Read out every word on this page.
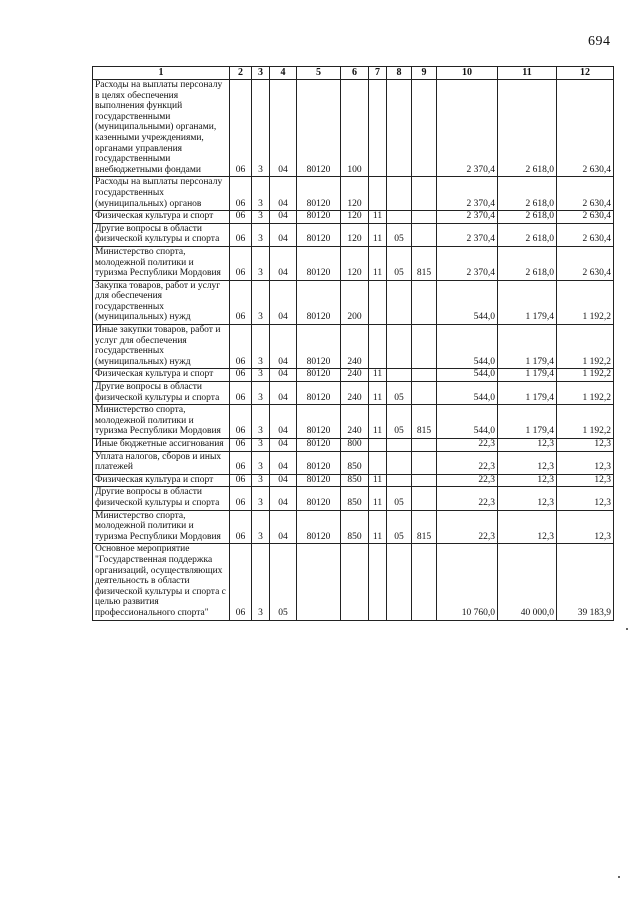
694
1	2	3	4	5	6	7	8	9	10	11	12
Расходы на выплаты персоналу в целях обеспечения выполнения функций государственными (муниципальными) органами, казенными учреждениями, органами управления государственными внебюджетными фондами	06	3	04	80120	100				2 370,4	2 618,0	2 630,4
Расходы на выплаты персоналу государственных (муниципальных) органов	06	3	04	80120	120				2 370,4	2 618,0	2 630,4
Физическая культура и спорт	06	3	04	80120	120	11			2 370,4	2 618,0	2 630,4
Другие вопросы в области физической культуры и спорта	06	3	04	80120	120	11	05		2 370,4	2 618,0	2 630,4
Министерство спорта, молодежной политики и туризма Республики Мордовия	06	3	04	80120	120	11	05	815	2 370,4	2 618,0	2 630,4
Закупка товаров, работ и услуг для обеспечения государственных (муниципальных) нужд	06	3	04	80120	200				544,0	1 179,4	1 192,2
Иные закупки товаров, работ и услуг для обеспечения государственных (муниципальных) нужд	06	3	04	80120	240				544,0	1 179,4	1 192,2
Физическая культура и спорт	06	3	04	80120	240	11			544,0	1 179,4	1 192,2
Другие вопросы в области физической культуры и спорта	06	3	04	80120	240	11	05		544,0	1 179,4	1 192,2
Министерство спорта, молодежной политики и туризма Республики Мордовия	06	3	04	80120	240	11	05	815	544,0	1 179,4	1 192,2
Иные бюджетные ассигнования	06	3	04	80120	800				22,3	12,3	12,3
Уплата налогов, сборов и иных платежей	06	3	04	80120	850				22,3	12,3	12,3
Физическая культура и спорт	06	3	04	80120	850	11			22,3	12,3	12,3
Другие вопросы в области физической культуры и спорта	06	3	04	80120	850	11	05		22,3	12,3	12,3
Министерство спорта, молодежной политики и туризма Республики Мордовия	06	3	04	80120	850	11	05	815	22,3	12,3	12,3
Основное мероприятие "Государственная поддержка организаций, осуществляющих деятельность в области физической культуры и спорта с целью развития профессионального спорта"	06	3	05						10 760,0	40 000,0	39 183,9
